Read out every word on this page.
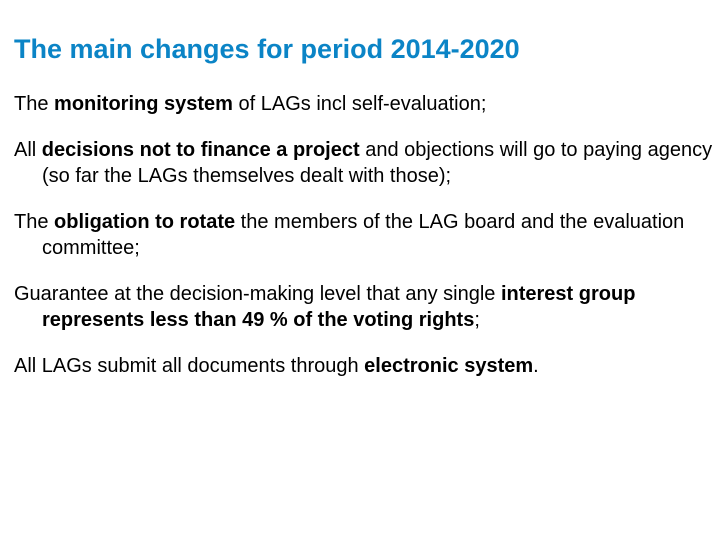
The main changes for period 2014-2020
The monitoring system of LAGs incl self-evaluation;
All decisions not to finance a project and objections will go to paying agency (so far the LAGs themselves dealt with those);
The obligation to rotate the members of the LAG board and the evaluation committee;
Guarantee at the decision-making level that any single interest group represents less than 49 % of the voting rights;
All LAGs submit all documents through electronic system.
